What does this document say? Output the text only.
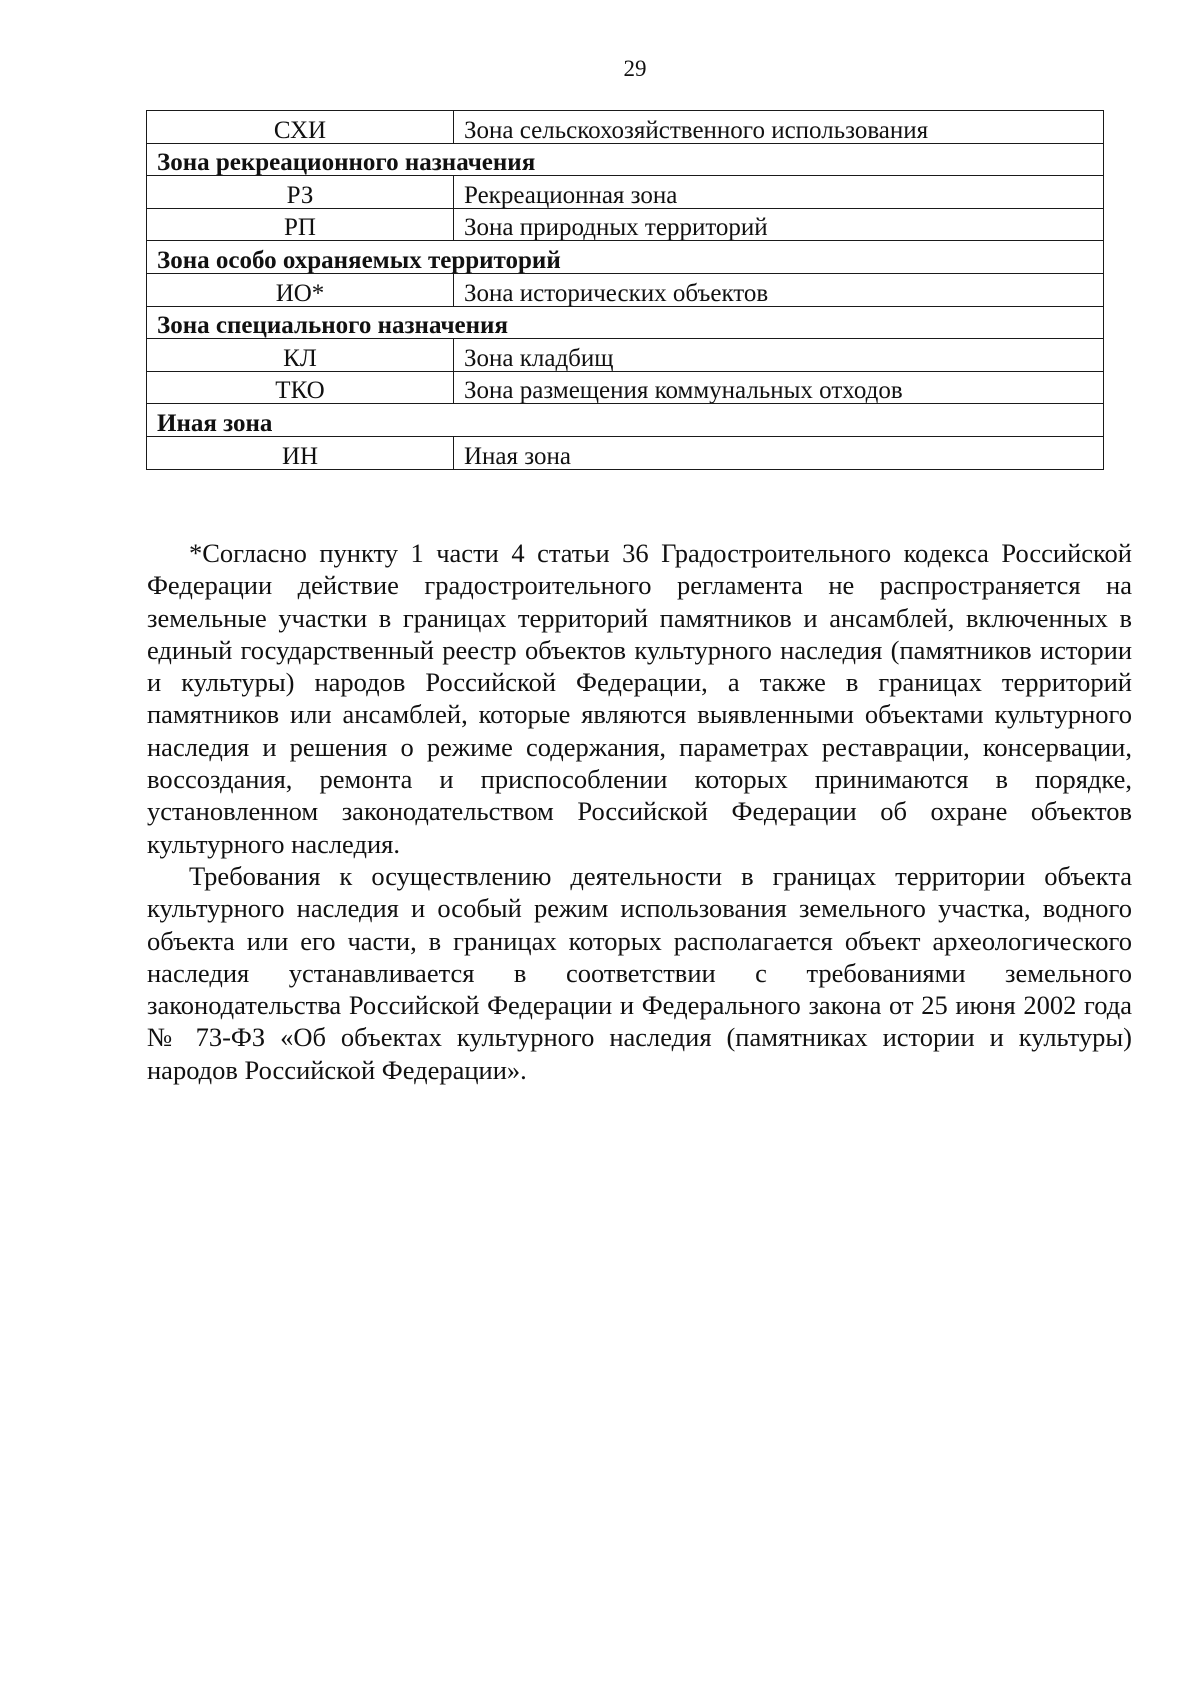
29
СХИ	Зона сельскохозяйственного использования
Зона рекреационного назначения	
РЗ	Рекреационная зона
РП	Зона природных территорий
Зона особо охраняемых территорий	
ИО*	Зона исторических объектов
Зона специального назначения	
КЛ	Зона кладбищ
ТКО	Зона размещения коммунальных отходов
Иная зона	
ИН	Иная зона

*Согласно пункту 1 части 4 статьи 36 Градостроительного кодекса Российской Федерации действие градостроительного регламента не распространяется на земельные участки в границах территорий памятников и ансамблей, включенных в единый государственный реестр объектов культурного наследия (памятников истории и культуры) народов Российской Федерации, а также в границах территорий памятников или ансамблей, которые являются выявленными объектами культурного наследия и решения о режиме содержания, параметрах реставрации, консервации, воссоздания, ремонта и приспособлении которых принимаются в порядке, установленном законодательством Российской Федерации об охране объектов культурного наследия.

Требования к осуществлению деятельности в границах территории объекта культурного наследия и особый режим использования земельного участка, водного объекта или его части, в границах которых располагается объект археологического наследия устанавливается в соответствии с требованиями земельного законодательства Российской Федерации и Федерального закона от 25 июня 2002 года № 73-ФЗ «Об объектах культурного наследия (памятниках истории и культуры) народов Российской Федерации».
